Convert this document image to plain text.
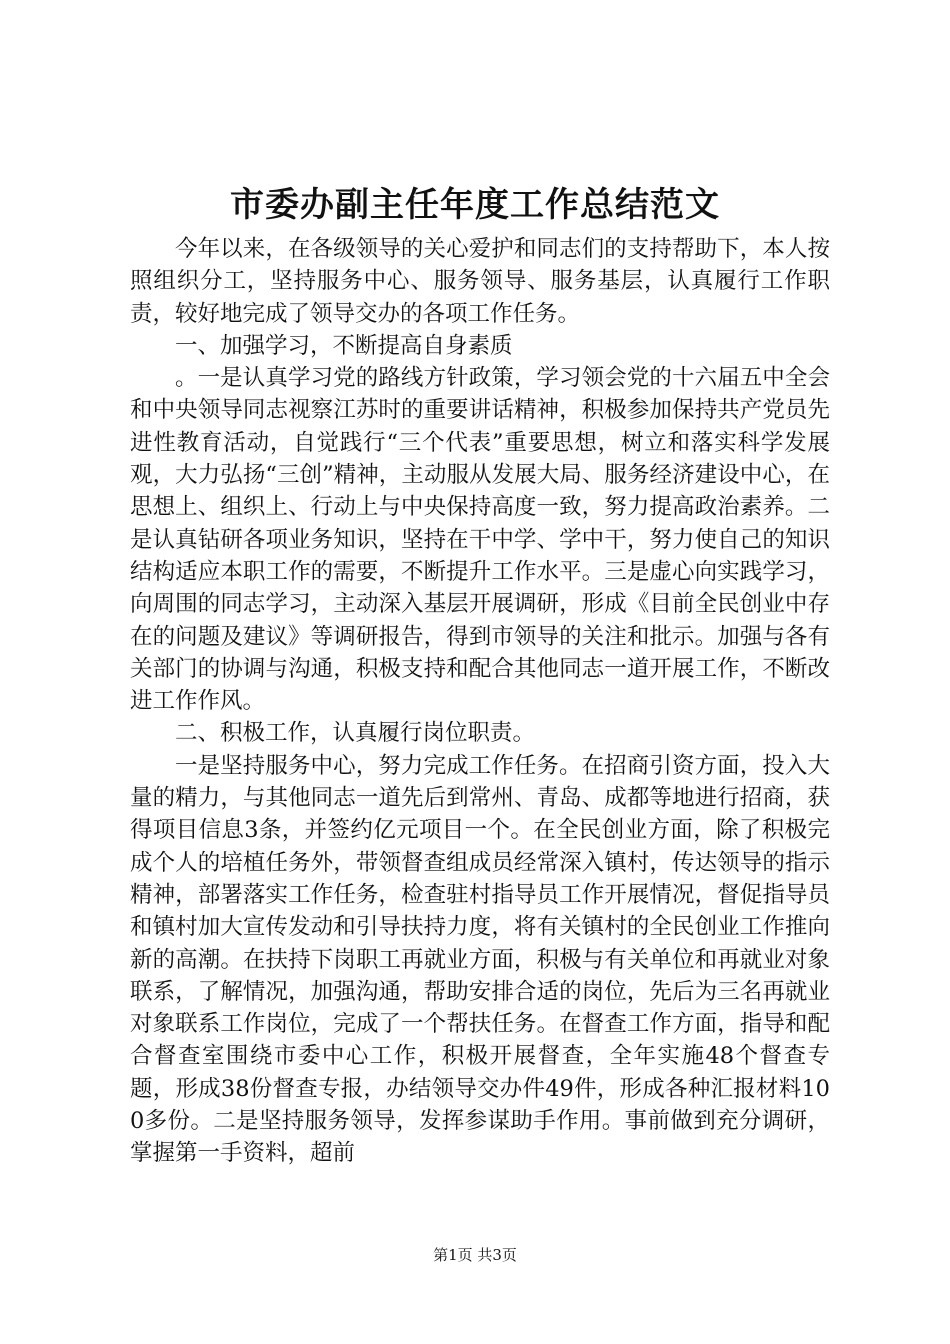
市委办副主任年度工作总结范文

今年以来，在各级领导的关心爱护和同志们的支持帮助下，本人按照组织分工，坚持服务中心、服务领导、服务基层，认真履行工作职责，较好地完成了领导交办的各项工作任务。

一、加强学习，不断提高自身素质

。一是认真学习党的路线方针政策，学习领会党的十六届五中全会和中央领导同志视察江苏时的重要讲话精神，积极参加保持共产党员先进性教育活动，自觉践行“三个代表”重要思想，树立和落实科学发展观，大力弘扬“三创”精神，主动服从发展大局、服务经济建设中心，在思想上、组织上、行动上与中央保持高度一致，努力提高政治素养。二是认真钻研各项业务知识，坚持在干中学、学中干，努力使自己的知识结构适应本职工作的需要，不断提升工作水平。三是虚心向实践学习，向周围的同志学习，主动深入基层开展调研，形成《目前全民创业中存在的问题及建议》等调研报告，得到市领导的关注和批示。加强与各有关部门的协调与沟通，积极支持和配合其他同志一道开展工作，不断改进工作作风。

二、积极工作，认真履行岗位职责。

一是坚持服务中心，努力完成工作任务。在招商引资方面，投入大量的精力，与其他同志一道先后到常州、青岛、成都等地进行招商，获得项目信息3条，并签约亿元项目一个。在全民创业方面，除了积极完成个人的培植任务外，带领督查组成员经常深入镇村，传达领导的指示精神，部署落实工作任务，检查驻村指导员工作开展情况，督促指导员和镇村加大宣传发动和引导扶持力度，将有关镇村的全民创业工作推向新的高潮。在扶持下岗职工再就业方面，积极与有关单位和再就业对象联系，了解情况，加强沟通，帮助安排合适的岗位，先后为三名再就业对象联系工作岗位，完成了一个帮扶任务。在督查工作方面，指导和配合督查室围绕市委中心工作，积极开展督查，全年实施48个督查专题，形成38份督查专报，办结领导交办件49件，形成各种汇报材料100多份。二是坚持服务领导，发挥参谋助手作用。事前做到充分调研，掌握第一手资料，超前

第1页 共3页
